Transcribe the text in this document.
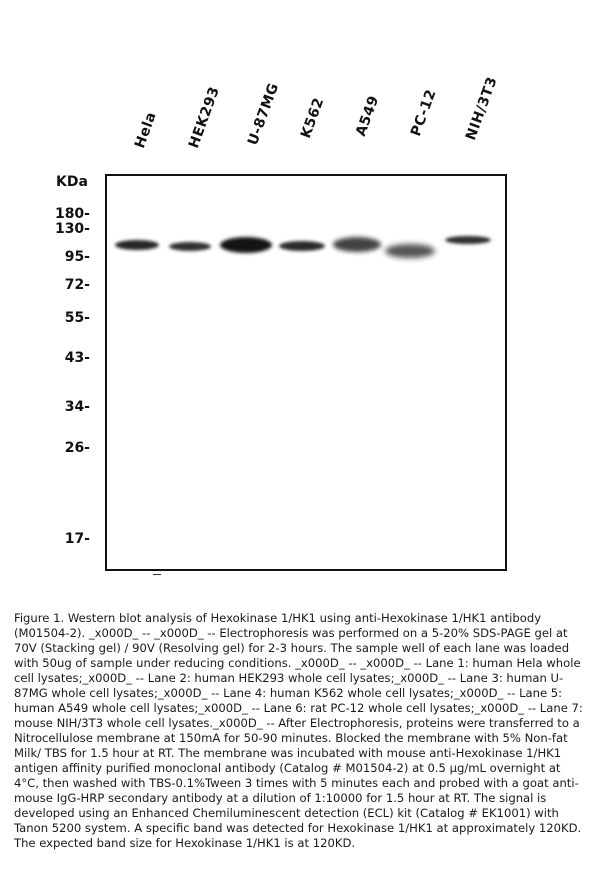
Hela HEK293 U-87MG K562 A549 PC-12 NIH/3T3
KDa
180-
130-
95-
72-
55-
43-
34-
26-
17-
Figure 1. Western blot analysis of Hexokinase 1/HK1 using anti-Hexokinase 1/HK1 antibody (M01504-2). _x000D_ -- _x000D_ -- Electrophoresis was performed on a 5-20% SDS-PAGE gel at 70V (Stacking gel) / 90V (Resolving gel) for 2-3 hours. The sample well of each lane was loaded with 50ug of sample under reducing conditions. _x000D_ -- _x000D_ -- Lane 1: human Hela whole cell lysates;_x000D_ -- Lane 2: human HEK293 whole cell lysates;_x000D_ -- Lane 3: human U-87MG whole cell lysates;_x000D_ -- Lane 4: human K562 whole cell lysates;_x000D_ -- Lane 5: human A549 whole cell lysates;_x000D_ -- Lane 6: rat PC-12 whole cell lysates;_x000D_ -- Lane 7: mouse NIH/3T3 whole cell lysates._x000D_ -- After Electrophoresis, proteins were transferred to a Nitrocellulose membrane at 150mA for 50-90 minutes. Blocked the membrane with 5% Non-fat Milk/ TBS for 1.5 hour at RT. The membrane was incubated with mouse anti-Hexokinase 1/HK1 antigen affinity purified monoclonal antibody (Catalog # M01504-2) at 0.5 μg/mL overnight at 4°C, then washed with TBS-0.1%Tween 3 times with 5 minutes each and probed with a goat anti-mouse IgG-HRP secondary antibody at a dilution of 1:10000 for 1.5 hour at RT. The signal is developed using an Enhanced Chemiluminescent detection (ECL) kit (Catalog # EK1001) with Tanon 5200 system. A specific band was detected for Hexokinase 1/HK1 at approximately 120KD. The expected band size for Hexokinase 1/HK1 is at 120KD.
